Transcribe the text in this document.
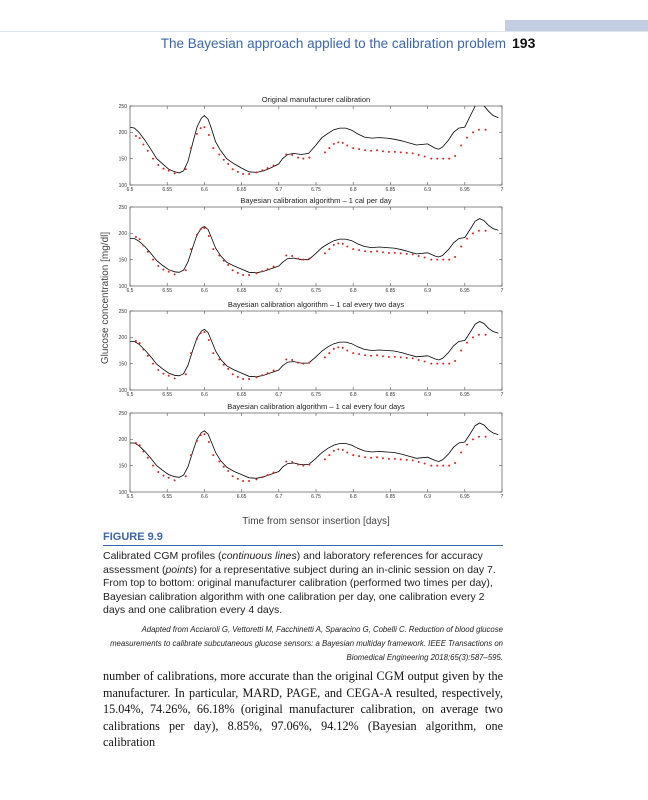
The Bayesian approach applied to the calibration problem 193
Original manufacturer calibration
6.5	6.55	6.6	6.65	6.7	6.75	6.8	6.85	6.9	6.95	7
100
150
200
250
Bayesian calibration algorithm – 1 cal per day
6.5	6.55	6.6	6.65	6.7	6.75	6.8	6.85	6.9	6.95	7
100
150
200
250
Bayesian calibration algorithm – 1 cal every two days
6.5	6.55	6.6	6.65	6.7	6.75	6.8	6.85	6.9	6.95	7
100
150
200
250
Bayesian calibration algorithm – 1 cal every four days
6.5	6.55	6.6	6.65	6.7	6.75	6.8	6.85	6.9	6.95	7
100
150
200
250
Glucose concentration [mg/dl]
Time from sensor insertion [days]
FIGURE 9.9
Calibrated CGM profiles (continuous lines) and laboratory references for accuracy assessment (points) for a representative subject during an in-clinic session on day 7. From top to bottom: original manufacturer calibration (performed two times per day), Bayesian calibration algorithm with one calibration per day, one calibration every 2 days and one calibration every 4 days.
Adapted from Acciaroli G, Vettoretti M, Facchinetti A, Sparacino G, Cobelli C. Reduction of blood glucose measurements to calibrate subcutaneous glucose sensors: a Bayesian multiday framework. IEEE Transactions on Biomedical Engineering 2018;65(3):587–595.
number of calibrations, more accurate than the original CGM output given by the manufacturer. In particular, MARD, PAGE, and CEGA-A resulted, respectively, 15.04%, 74.26%, 66.18% (original manufacturer calibration, on average two calibrations per day), 8.85%, 97.06%, 94.12% (Bayesian algorithm, one calibration
